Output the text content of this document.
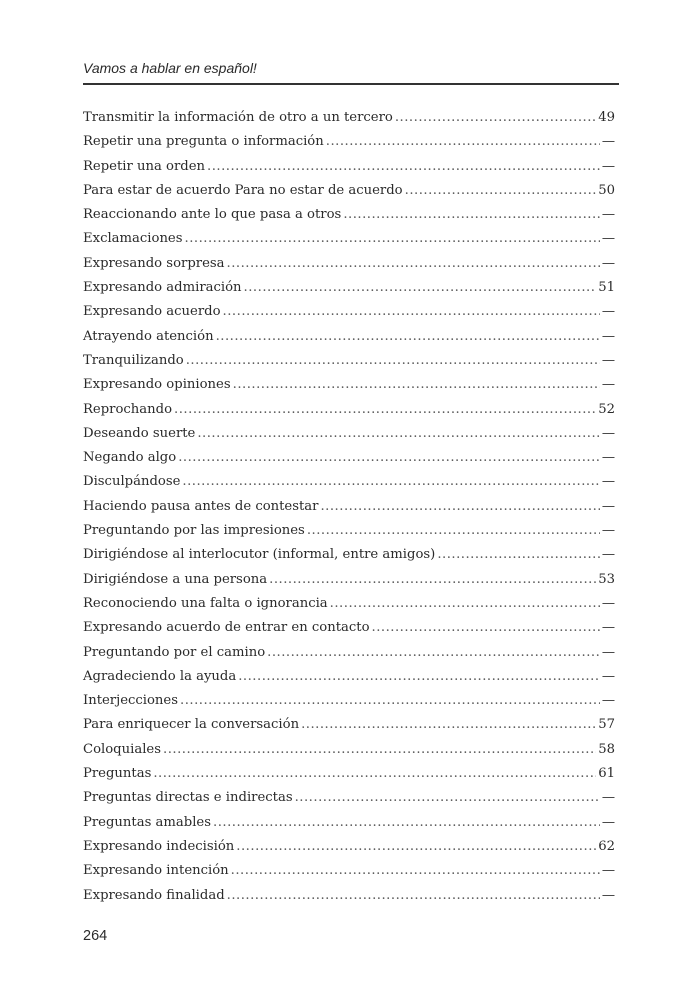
Vamos a hablar en español!
Transmitir la información de otro a un tercero .....	49
Repetir una pregunta o información .....	—
Repetir una orden .....	—
Para estar de acuerdo Para no estar de acuerdo .....	50
Reaccionando ante lo que pasa a otros .....	—
Exclamaciones .....	—
Expresando sorpresa .....	—
Expresando admiración .....	51
Expresando acuerdo .....	—
Atrayendo atención .....	—
Tranquilizando .....	—
Expresando opiniones .....	—
Reprochando .....	52
Deseando suerte .....	—
Negando algo .....	—
Disculpándose .....	—
Haciendo pausa antes de contestar .....	—
Preguntando por las impresiones .....	—
Dirigiéndose al interlocutor (informal, entre amigos) .....	—
Dirigiéndose a una persona .....	53
Reconociendo una falta o ignorancia .....	—
Expresando acuerdo de entrar en contacto .....	—
Preguntando por el camino .....	—
Agradeciendo la ayuda .....	—
Interjecciones .....	—
Para enriquecer la conversación .....	57
Coloquiales .....	58
Preguntas .....	61
Preguntas directas e indirectas .....	—
Preguntas amables .....	—
Expresando indecisión .....	62
Expresando intención .....	—
Expresando finalidad .....	—
264
